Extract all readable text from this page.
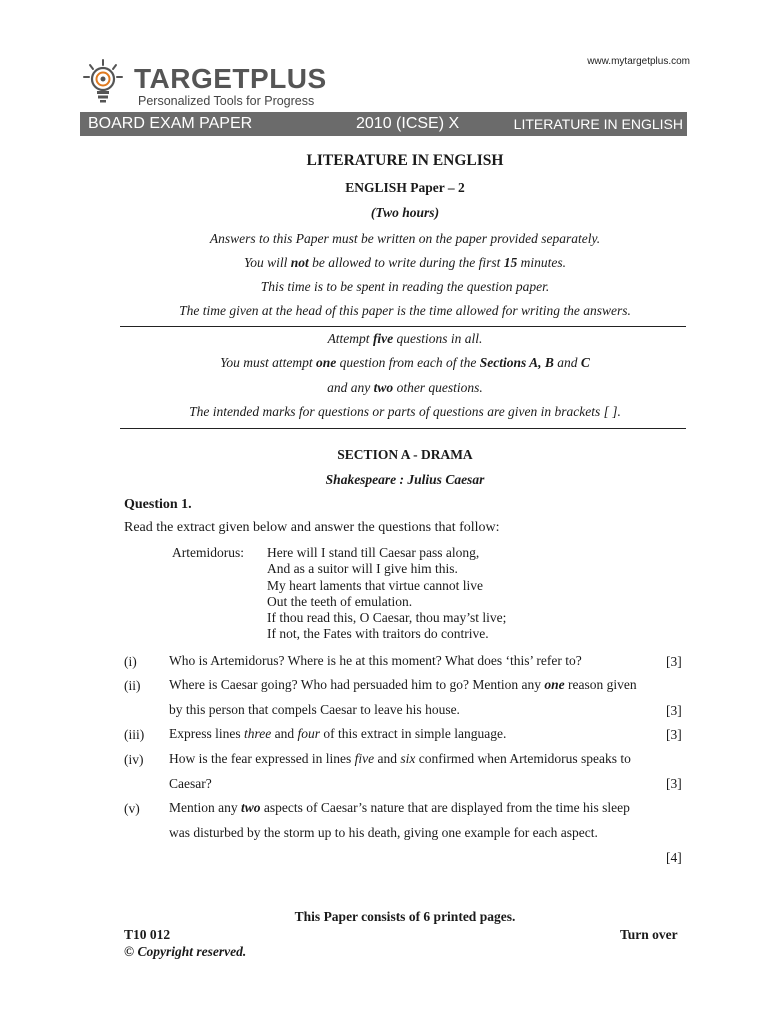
www.mytargetplus.com
TARGETPLUS
Personalized Tools for Progress
BOARD EXAM PAPER	2010 (ICSE) X	LITERATURE IN ENGLISH
LITERATURE IN ENGLISH
ENGLISH Paper – 2
(Two hours)
Answers to this Paper must be written on the paper provided separately.
You will not be allowed to write during the first 15 minutes.
This time is to be spent in reading the question paper.
The time given at the head of this paper is the time allowed for writing the answers.
Attempt five questions in all.
You must attempt one question from each of the Sections A, B and C
and any two other questions.
The intended marks for questions or parts of questions are given in brackets [ ].
SECTION A - DRAMA
Shakespeare : Julius Caesar
Question 1.
Read the extract given below and answer the questions that follow:
Artemidorus: Here will I stand till Caesar pass along,
And as a suitor will I give him this.
My heart laments that virtue cannot live
Out the teeth of emulation.
If thou read this, O Caesar, thou may’st live;
If not, the Fates with traitors do contrive.
(i) Who is Artemidorus? Where is he at this moment? What does ‘this’ refer to?	[3]
(ii) Where is Caesar going? Who had persuaded him to go? Mention any one reason given by this person that compels Caesar to leave his house.	[3]
(iii) Express lines three and four of this extract in simple language.	[3]
(iv) How is the fear expressed in lines five and six confirmed when Artemidorus speaks to Caesar?	[3]
(v) Mention any two aspects of Caesar’s nature that are displayed from the time his sleep was disturbed by the storm up to his death, giving one example for each aspect.
[4]
This Paper consists of 6 printed pages.
T10 012
© Copyright reserved.
Turn over
